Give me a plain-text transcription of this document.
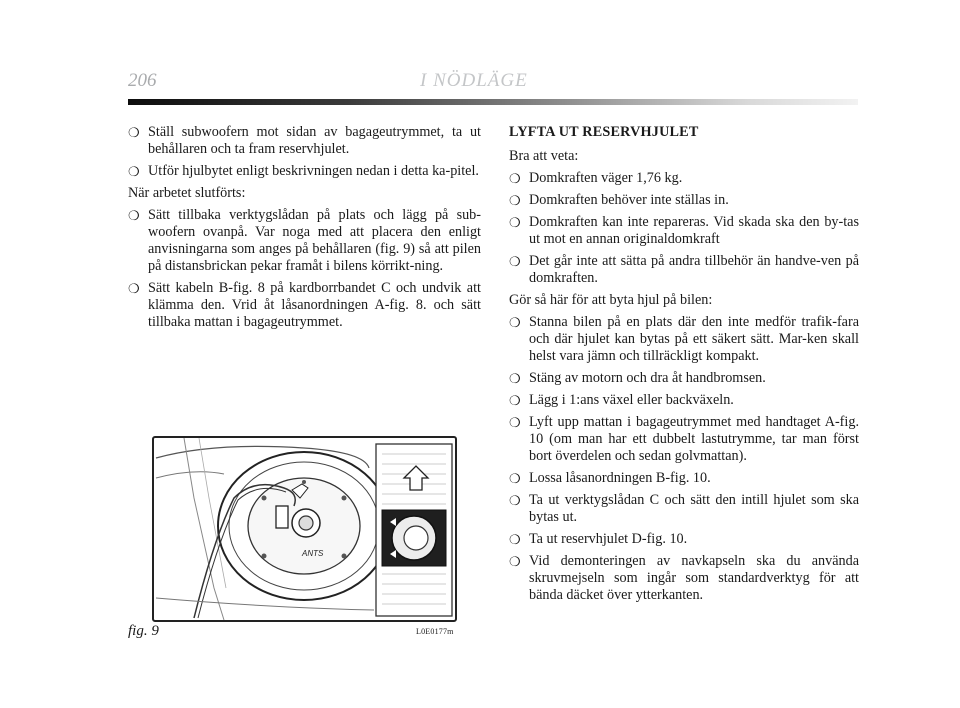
206	I NÖDLÄGE
❍ Ställ subwoofern mot sidan av bagageutrymmet, ta ut behållaren och ta fram reservhjulet.
❍ Utför hjulbytet enligt beskrivningen nedan i detta ka-pitel.
När arbetet slutförts:
❍ Sätt tillbaka verktygslådan på plats och lägg på sub-woofern ovanpå. Var noga med att placera den enligt anvisningarna som anges på behållaren (fig. 9) så att pilen på distansbrickan pekar framåt i bilens körrikt-ning.
❍ Sätt kabeln B-fig. 8 på kardborrbandet C och undvik att klämma den. Vrid åt låsanordningen A-fig. 8. och sätt tillbaka mattan i bagageutrymmet.
LYFTA UT RESERVHJULET
Bra att veta:
❍ Domkraften väger 1,76 kg.
❍ Domkraften behöver inte ställas in.
❍ Domkraften kan inte repareras. Vid skada ska den by-tas ut mot en annan originaldomkraft
❍ Det går inte att sätta på andra tillbehör än handve-ven på domkraften.
Gör så här för att byta hjul på bilen:
❍ Stanna bilen på en plats där den inte medför trafik-fara och där hjulet kan bytas på ett säkert sätt. Mar-ken skall helst vara jämn och tillräckligt kompakt.
❍ Stäng av motorn och dra åt handbromsen.
❍ Lägg i 1:ans växel eller backväxeln.
❍ Lyft upp mattan i bagageutrymmet med handtaget A-fig. 10 (om man har ett dubbelt lastutrymme, tar man först bort överdelen och sedan golvmattan).
❍ Lossa låsanordningen B-fig. 10.
❍ Ta ut verktygslådan C och sätt den intill hjulet som ska bytas ut.
❍ Ta ut reservhjulet D-fig. 10.
❍ Vid demonteringen av navkapseln ska du använda skruvmejseln som ingår som standardverktyg för att bända däcket över ytterkanten.
ANTS
fig. 9	L0E0177m
